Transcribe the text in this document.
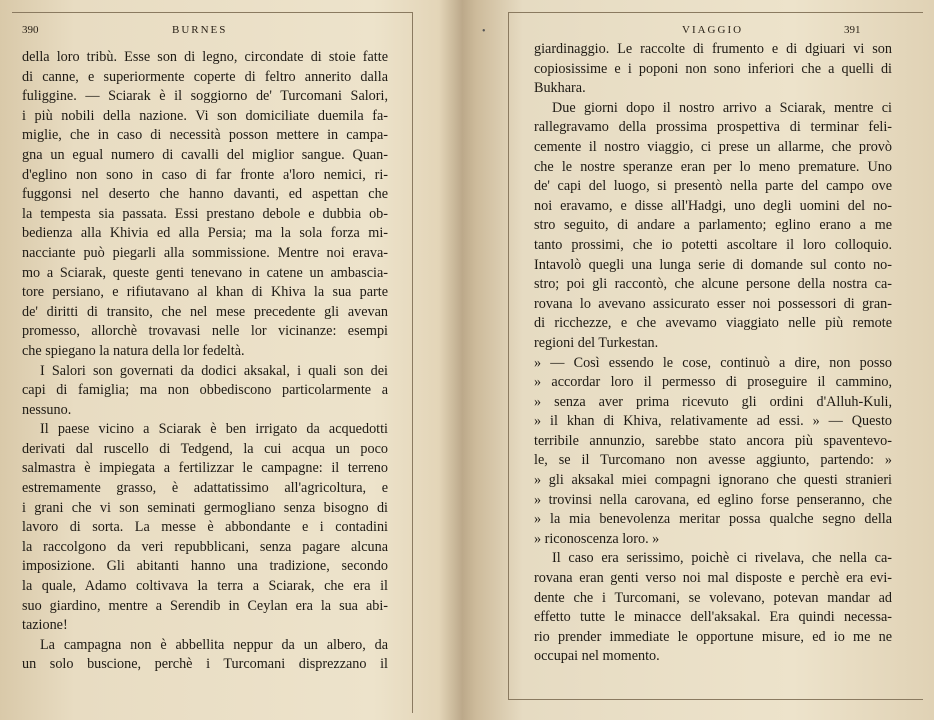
390	BURNES
della loro tribù. Esse son di legno, circondate di stoie fatte
di canne, e superiormente coperte di feltro annerito dalla
fuliggine. — Sciarak è il soggiorno de' Turcomani Salori,
i più nobili della nazione. Vi son domiciliate duemila fa-
miglie, che in caso di necessità posson mettere in campa-
gna un egual numero di cavalli del miglior sangue. Quan-
d'eglino non sono in caso di far fronte a'loro nemici, ri-
fuggonsi nel deserto che hanno davanti, ed aspettan che
la tempesta sia passata. Essi prestano debole e dubbia ob-
bedienza alla Khivia ed alla Persia; ma la sola forza mi-
nacciante può piegarli alla sommissione. Mentre noi erava-
mo a Sciarak, queste genti tenevano in catene un ambascia-
tore persiano, e rifiutavano al khan di Khiva la sua parte
de' diritti di transito, che nel mese precedente gli avevan
promesso, allorchè trovavasi nelle lor vicinanze: esempi
che spiegano la natura della lor fedeltà.
I Salori son governati da dodici aksakal, i quali son dei
capi di famiglia; ma non obbediscono particolarmente a
nessuno.
Il paese vicino a Sciarak è ben irrigato da acquedotti
derivati dal ruscello di Tedgend, la cui acqua un poco
salmastra è impiegata a fertilizzar le campagne: il terreno
estremamente grasso, è adattatissimo all'agricoltura, e
i grani che vi son seminati germogliano senza bisogno di
lavoro di sorta. La messe è abbondante e i contadini
la raccolgono da veri repubblicani, senza pagare alcuna
imposizione. Gli abitanti hanno una tradizione, secondo
la quale, Adamo coltivava la terra a Sciarak, che era il
suo giardino, mentre a Serendib in Ceylan era la sua abi-
tazione!
La campagna non è abbellita neppur da un albero, da
un solo buscione, perchè i Turcomani disprezzano il
•	VIAGGIO	391
giardinaggio. Le raccolte di frumento e di dgiuari vi son
copiosissime e i poponi non sono inferiori che a quelli di
Bukhara.
Due giorni dopo il nostro arrivo a Sciarak, mentre ci
rallegravamo della prossima prospettiva di terminar feli-
cemente il nostro viaggio, ci prese un allarme, che provò
che le nostre speranze eran per lo meno premature. Uno
de' capi del luogo, si presentò nella parte del campo ove
noi eravamo, e disse all'Hadgi, uno degli uomini del no-
stro seguito, di andare a parlamento; eglino erano a me
tanto prossimi, che io potetti ascoltare il loro colloquio.
Intavolò quegli una lunga serie di domande sul conto no-
stro; poi gli raccontò, che alcune persone della nostra ca-
rovana lo avevano assicurato esser noi possessori di gran-
di ricchezze, e che avevamo viaggiato nelle più remote
regioni del Turkestan.
» — Così essendo le cose, continuò a dire, non posso
» accordar loro il permesso di proseguire il cammino,
» senza aver prima ricevuto gli ordini d'Alluh-Kuli,
» il khan di Khiva, relativamente ad essi. » — Questo
terribile annunzio, sarebbe stato ancora più spaventevo-
le, se il Turcomano non avesse aggiunto, partendo: »
» gli aksakal miei compagni ignorano che questi stranieri
» trovinsi nella carovana, ed eglino forse penseranno, che
» la mia benevolenza meritar possa qualche segno della
» riconoscenza loro. »
Il caso era serissimo, poichè ci rivelava, che nella ca-
rovana eran genti verso noi mal disposte e perchè era evi-
dente che i Turcomani, se volevano, potevan mandar ad
effetto tutte le minacce dell'aksakal. Era quindi necessa-
rio prender immediate le opportune misure, ed io me ne
occupai nel momento.
